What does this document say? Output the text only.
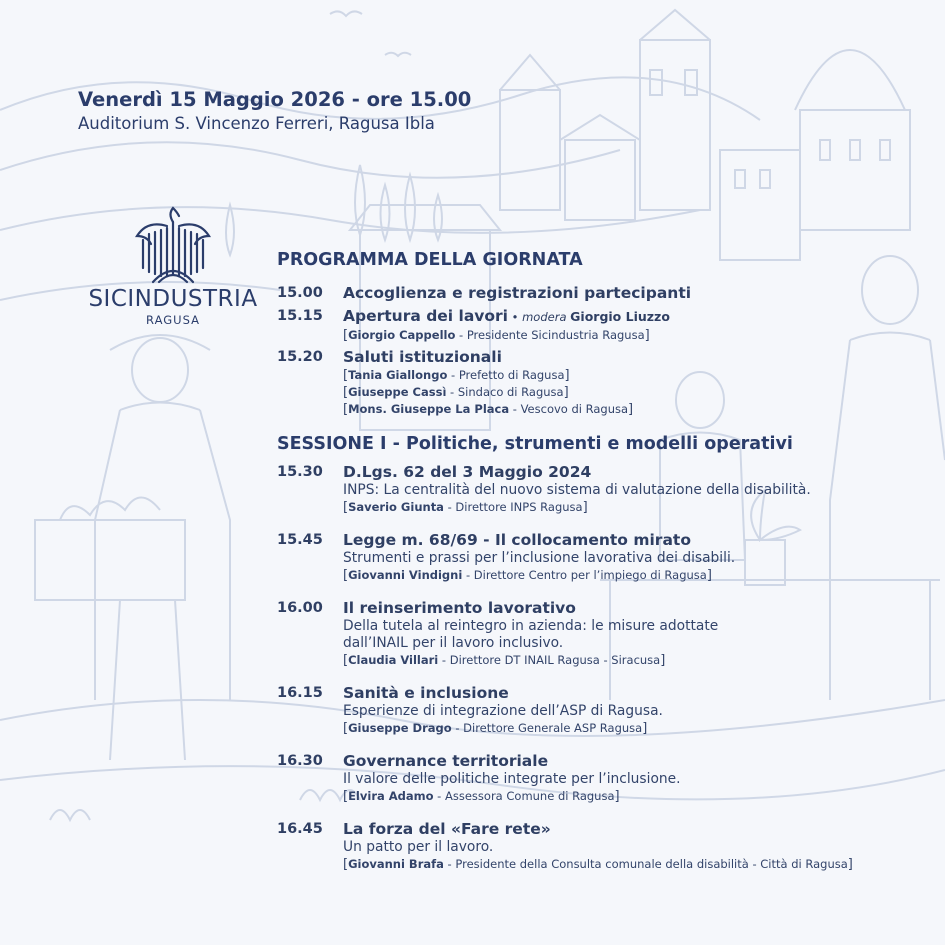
Venerdì 15 Maggio 2026 - ore 15.00
Auditorium S. Vincenzo Ferreri, Ragusa Ibla
SICINDUSTRIA
RAGUSA
PROGRAMMA DELLA GIORNATA
15.00 Accoglienza e registrazioni partecipanti
15.15 Apertura dei lavori • modera Giorgio Liuzzo
[Giorgio Cappello - Presidente Sicindustria Ragusa]
15.20 Saluti istituzionali
[Tania Giallongo - Prefetto di Ragusa]
[Giuseppe Cassì - Sindaco di Ragusa]
[Mons. Giuseppe La Placa - Vescovo di Ragusa]
SESSIONE I - Politiche, strumenti e modelli operativi
15.30 D.Lgs. 62 del 3 Maggio 2024
INPS: La centralità del nuovo sistema di valutazione della disabilità.
[Saverio Giunta - Direttore INPS Ragusa]
15.45 Legge m. 68/69 - Il collocamento mirato
Strumenti e prassi per l’inclusione lavorativa dei disabili.
[Giovanni Vindigni - Direttore Centro per l’impiego di Ragusa]
16.00 Il reinserimento lavorativo
Della tutela al reintegro in azienda: le misure adottate
dall’INAIL per il lavoro inclusivo.
[Claudia Villari - Direttore DT INAIL Ragusa - Siracusa]
16.15 Sanità e inclusione
Esperienze di integrazione dell’ASP di Ragusa.
[Giuseppe Drago - Direttore Generale ASP Ragusa]
16.30 Governance territoriale
Il valore delle politiche integrate per l’inclusione.
[Elvira Adamo - Assessora Comune di Ragusa]
16.45 La forza del «Fare rete»
Un patto per il lavoro.
[Giovanni Brafa - Presidente della Consulta comunale della disabilità - Città di Ragusa]
